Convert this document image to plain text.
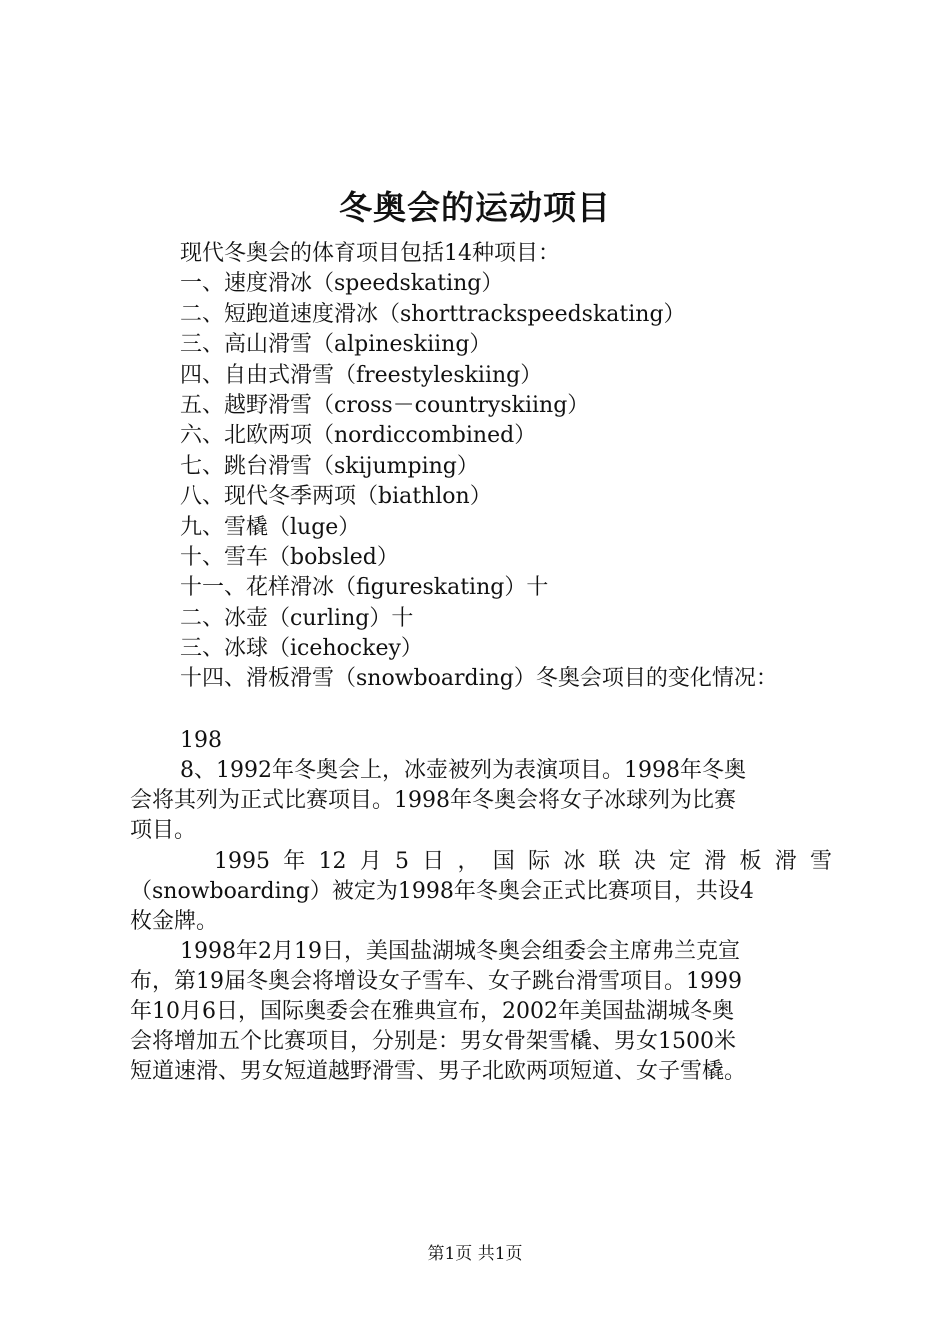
冬奥会的运动项目
现代冬奥会的体育项目包括14种项目：
一、速度滑冰（speedskating）
二、短跑道速度滑冰（shorttrackspeedskating）
三、高山滑雪（alpineskiing）
四、自由式滑雪（freestyleskiing）
五、越野滑雪（cross－countryskiing）
六、北欧两项（nordiccombined）
七、跳台滑雪（skijumping）
八、现代冬季两项（biathlon）
九、雪橇（luge）
十、雪车（bobsled）
十一、花样滑冰（figureskating）十
二、冰壶（curling）十
三、冰球（icehockey）
十四、滑板滑雪（snowboarding）冬奥会项目的变化情况：
198
8、1992年冬奥会上，冰壶被列为表演项目。1998年冬奥
会将其列为正式比赛项目。1998年冬奥会将女子冰球列为比赛
项目。
1995 年 12 月 5 日 ， 国 际 冰 联 决 定 滑 板 滑 雪
（snowboarding）被定为1998年冬奥会正式比赛项目，共设4
枚金牌。
1998年2月19日，美国盐湖城冬奥会组委会主席弗兰克宣
布，第19届冬奥会将增设女子雪车、女子跳台滑雪项目。1999
年10月6日，国际奥委会在雅典宣布，2002年美国盐湖城冬奥
会将增加五个比赛项目，分别是：男女骨架雪橇、男女1500米
短道速滑、男女短道越野滑雪、男子北欧两项短道、女子雪橇。
第1页 共1页
